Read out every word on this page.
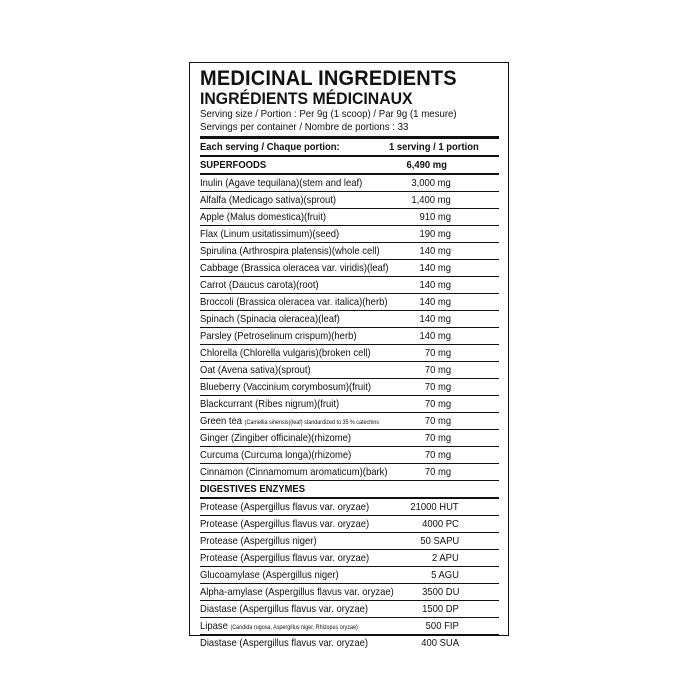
MEDICINAL INGREDIENTS
INGRÉDIENTS MÉDICINAUX
Serving size / Portion : Per 9g (1 scoop) / Par 9g (1 mesure)
Servings per container / Nombre de portions : 33
Each serving / Chaque portion:	1 serving / 1 portion
SUPERFOODS	6,490 mg
Inulin (Agave tequilana)(stem and leaf)	3,000 mg
Alfalfa (Medicago sativa)(sprout)	1,400 mg
Apple (Malus domestica)(fruit)	910 mg
Flax (Linum usitatissimum)(seed)	190 mg
Spirulina (Arthrospira platensis)(whole cell)	140 mg
Cabbage (Brassica oleracea var. viridis)(leaf)	140 mg
Carrot (Daucus carota)(root)	140 mg
Broccoli (Brassica oleracea var. italica)(herb)	140 mg
Spinach (Spinacia oleracea)(leaf)	140 mg
Parsley (Petroselinum crispum)(herb)	140 mg
Chlorella (Chlorella vulgaris)(broken cell)	70 mg
Oat (Avena sativa)(sprout)	70 mg
Blueberry (Vaccinium corymbosum)(fruit)	70 mg
Blackcurrant (Ribes nigrum)(fruit)	70 mg
Green tea (Camellia sinensis)(leaf) standardized to 35 % catechins	70 mg
Ginger (Zingiber officinale)(rhizome)	70 mg
Curcuma (Curcuma longa)(rhizome)	70 mg
Cinnamon (Cinnamomum aromaticum)(bark)	70 mg
DIGESTIVES ENZYMES
Protease (Aspergillus flavus var. oryzae)	21000 HUT
Protease (Aspergillus flavus var. oryzae)	4000 PC
Protease (Aspergillus niger)	50 SAPU
Protease (Aspergillus flavus var. oryzae)	2 APU
Glucoamylase (Aspergillus niger)	5 AGU
Alpha-amylase (Aspergillus flavus var. oryzae)	3500 DU
Diastase (Aspergillus flavus var. oryzae)	1500 DP
Lipase (Candida rugosa, Aspergillus niger, Rhizopus oryzae)	500 FIP
Diastase (Aspergillus flavus var. oryzae)	400 SUA
